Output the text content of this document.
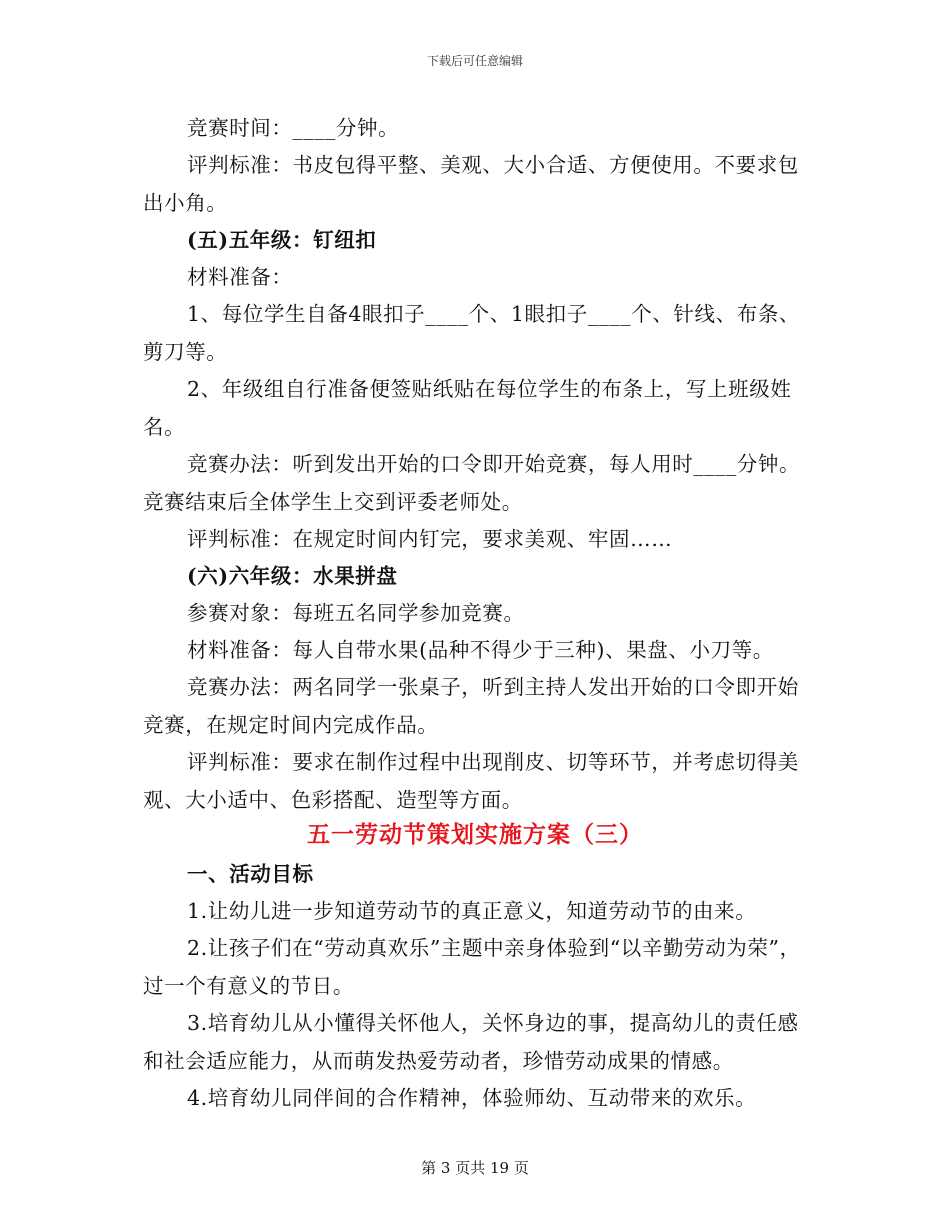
下载后可任意编辑

竞赛时间：____分钟。

评判标准：书皮包得平整、美观、大小合适、方便使用。不要求包出小角。

(五)五年级：钉纽扣

材料准备：

1、每位学生自备4眼扣子____个、1眼扣子____个、针线、布条、剪刀等。

2、年级组自行准备便签贴纸贴在每位学生的布条上，写上班级姓名。

竞赛办法：听到发出开始的口令即开始竞赛，每人用时____分钟。竞赛结束后全体学生上交到评委老师处。

评判标准：在规定时间内钉完，要求美观、牢固……

(六)六年级：水果拼盘

参赛对象：每班五名同学参加竞赛。

材料准备：每人自带水果(品种不得少于三种)、果盘、小刀等。

竞赛办法：两名同学一张桌子，听到主持人发出开始的口令即开始竞赛，在规定时间内完成作品。

评判标准：要求在制作过程中出现削皮、切等环节，并考虑切得美观、大小适中、色彩搭配、造型等方面。

五一劳动节策划实施方案（三）

一、活动目标

1.让幼儿进一步知道劳动节的真正意义，知道劳动节的由来。

2.让孩子们在“劳动真欢乐”主题中亲身体验到“以辛勤劳动为荣”，过一个有意义的节日。

3.培育幼儿从小懂得关怀他人，关怀身边的事，提高幼儿的责任感和社会适应能力，从而萌发热爱劳动者，珍惜劳动成果的情感。

4.培育幼儿同伴间的合作精神，体验师幼、互动带来的欢乐。

第 3 页共 19 页
